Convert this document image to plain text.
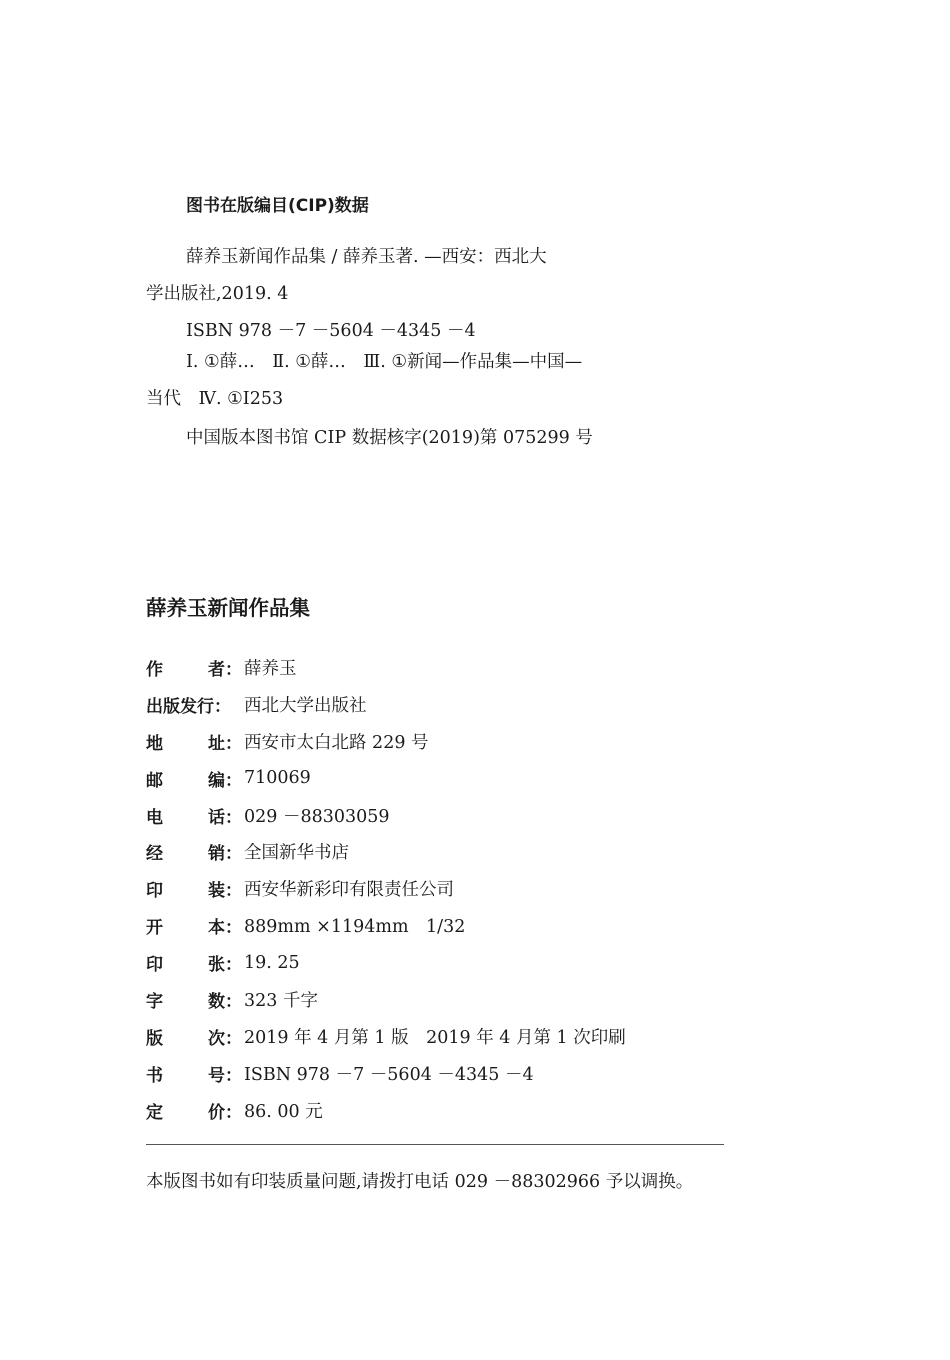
图书在版编目(CIP)数据
薛养玉新闻作品集 / 薛养玉著. —西安：西北大
学出版社,2019. 4
ISBN 978 －7 －5604 －4345 －4
Ⅰ. ①薛…　Ⅱ. ①薛…　Ⅲ. ①新闻—作品集—中国—
当代　Ⅳ. ①I253
中国版本图书馆 CIP 数据核字(2019)第 075299 号
薛养玉新闻作品集
作	者： 薛养玉
出版发行： 西北大学出版社
地	址： 西安市太白北路 229 号
邮	编： 710069
电	话： 029 －88303059
经	销： 全国新华书店
印	装： 西安华新彩印有限责任公司
开	本： 889mm ×1194mm　1/32
印	张： 19. 25
字	数： 323 千字
版	次： 2019 年 4 月第 1 版　2019 年 4 月第 1 次印刷
书	号： ISBN 978 －7 －5604 －4345 －4
定	价： 86. 00 元
本版图书如有印装质量问题,请拨打电话 029 －88302966 予以调换。
